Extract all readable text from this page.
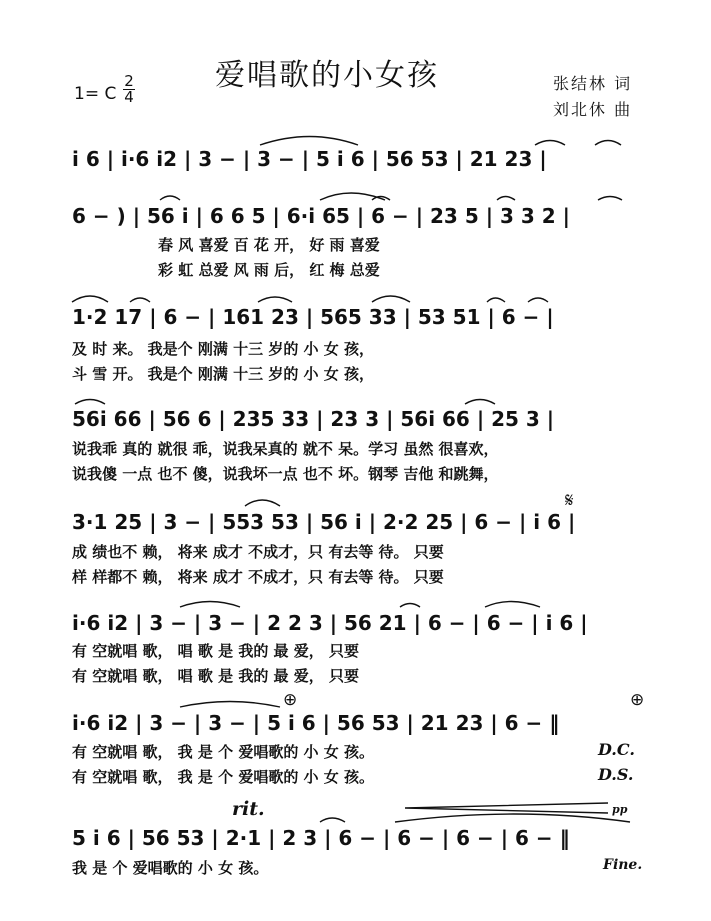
爱唱歌的小女孩
1= C
2
4
张结林 词
刘北休 曲
i 6 | i·6 i2 | 3 − | 3 − | 5 i 6 | 56 53 | 21 23 |
6 − ) | 56 i | 6 6 5 | 6·i 65 | 6 − | 23 5 | 3 3 2 |
春 风 喜爱 百 花 开， 好 雨 喜爱
彩 虹 总爱 风 雨 后， 红 梅 总爱
1·2 17 | 6 − | 161 23 | 565 33 | 53 51 | 6 − |
及 时 来。 我是个 刚满 十三 岁的 小 女 孩，
斗 雪 开。 我是个 刚满 十三 岁的 小 女 孩，
56i 66 | 56 6 | 235 33 | 23 3 | 56i 66 | 25 3 |
说我乖 真的 就很 乖，说我呆真的 就不 呆。学习 虽然 很喜欢，
说我傻 一点 也不 傻，说我坏一点 也不 坏。钢琴 吉他 和跳舞，
𝄋
3·1 25 | 3 − | 553 53 | 56 i | 2·2 25 | 6 − | i 6 |
成 绩也不 赖， 将来 成才 不成才，只 有去等 待。 只要
样 样都不 赖， 将来 成才 不成才，只 有去等 待。 只要
i·6 i2 | 3 − | 3 − | 2 2 3 | 56 21 | 6 − | 6 − | i 6 |
有 空就唱 歌， 唱 歌 是 我的 最 爱， 只要
有 空就唱 歌， 唱 歌 是 我的 最 爱， 只要
⊕	⊕
i·6 i2 | 3 − | 3 − | 5 i 6 | 56 53 | 21 23 | 6 − ‖
有 空就唱 歌， 我 是 个 爱唱歌的 小 女 孩。
有 空就唱 歌， 我 是 个 爱唱歌的 小 女 孩。
D.C.
D.S.
rit.	pp
5 i 6 | 56 53 | 2·1 | 2 3 | 6 − | 6 − | 6 − | 6 − ‖
我 是 个 爱唱歌的 小 女 孩。	Fine.
